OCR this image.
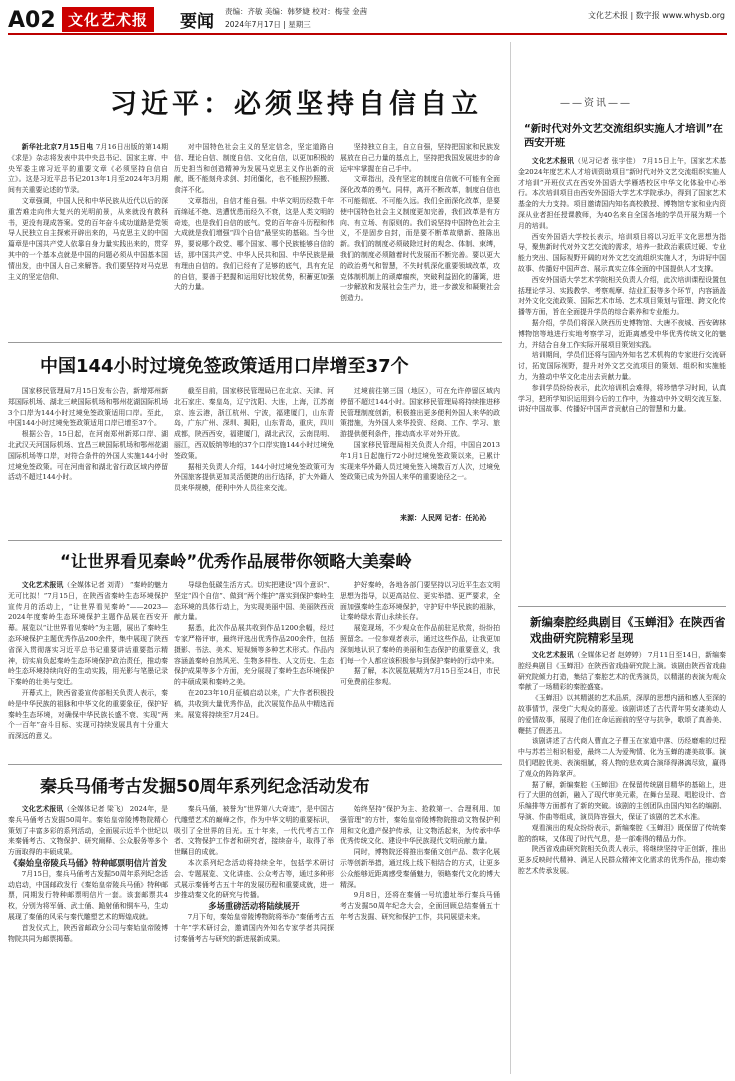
A02 文化艺术报	要闻
责编：齐敏 美编：韩梦婕 校对：梅莹 金茜
2024年7月17日 | 星期三
文化艺术报 | 数字报 www.whysb.org
习近平：必须坚持自信自立

新华社北京7月15日电 7月16日出版的第14期《求是》杂志将发表中共中央总书记、国家主席、中央军委主席习近平的重要文章《必须坚持自信自立》。这是习近平总书记2013年1月至2024年3月期间有关重要论述的节录。

文章强调，中国人民和中华民族从近代以后的深重苦难走向伟大复兴的光明前景，从来就没有教科书，更没有现成答案。党的百年奋斗成功道路是党领导人民独立自主探索开辟出来的，马克思主义的中国篇章是中国共产党人依靠自身力量实践出来的，贯穿其中的一个基本点就是中国的问题必须从中国基本国情出发，由中国人自己来解答。我们要坚持对马克思主义的坚定信仰、

对中国特色社会主义的坚定信念，坚定道路自信、理论自信、制度自信、文化自信，以更加积极的历史担当和创造精神为发展马克思主义作出新的贡献，既不能刻舟求剑、封闭僵化，也不能照抄照搬、食洋不化。

文章指出，自信才能自强。中华文明历经数千年而绵延不绝、迭遭忧患而经久不衰，这是人类文明的奇迹，也是我们自信的底气。党的百年奋斗历程和伟大成就是我们增强“四个自信”最坚实的基础。当今世界，要说哪个政党、哪个国家、哪个民族能够自信的话，那中国共产党、中华人民共和国、中华民族是最有理由自信的。我们已经有了足够的底气，具有充足的自信，要善于把握和运用好比较优势，积蓄更加强大的力量。

坚持独立自主，自立自强，坚持把国家和民族发展放在自己力量的基点上，坚持把我国发展进步的命运牢牢掌握在自己手中。

文章指出，没有坚定的制度自信就不可能有全面深化改革的勇气。同样，离开不断改革，制度自信也不可能彻底、不可能久远。我们全面深化改革，是要使中国特色社会主义制度更加完善，我们改革是有方向、有立场、有原则的。我们说坚持中国特色社会主义，不是固步自封，而是要不断革故鼎新、推陈出新。我们的制度必须破除过时的观念、体制、束缚，我们的制度必须随着时代发展而不断完善。要以更大的政治勇气和智慧，不失时机深化重要领域改革，攻克体制机制上的顽瘴痼疾，突破利益固化的藩篱，进一步解放和发展社会生产力，进一步激发和凝聚社会创造力。

中国144小时过境免签政策适用口岸增至37个

国家移民管理局7月15日发布公告，新增郑州新郑国际机场、湖北三峡国际机场和鄂州花湖国际机场3个口岸为144小时过境免签政策适用口岸。至此，中国144小时过境免签政策适用口岸已增至37个。

根据公告，15日起，在河南郑州新郑口岸、湖北武汉天河国际机场、宜昌三峡国际机场和鄂州花湖国际机场等口岸，对符合条件的外国人实施144小时过境免签政策。可在河南省和湖北省行政区域内停留活动不超过144小时。

截至目前，国家移民管理局已在北京、天津、河北石家庄、秦皇岛，辽宁沈阳、大连，上海，江苏南京、连云港，浙江杭州、宁波，福建厦门，山东青岛，广东广州、深圳、揭阳，山东青岛，重庆，四川成都，陕西西安，福建厦门，湖北武汉，云南昆明、丽江，西双版纳等地的37个口岸实施144小时过境免签政策。

据相关负责人介绍，144小时过境免签政策可为外国旅客提供更加灵活便捷的出行选择，扩大外籍人员来华规模，便利中外人员往来交流。

过境前往第三国（地区），可在允许停留区域内停留不超过144小时。国家移民管理局将持续推进移民管理制度创新，积极推出更多便利外国人来华的政策措施，为外国人来华投资、经商、工作、学习、旅游提供便利条件，推动高水平对外开放。

国家移民管理局相关负责人介绍，中国自2013年1月1日起施行72小时过境免签政策以来，已累计实现来华外籍人员过境免签入境数百万人次，过境免签政策已成为外国人来华的重要途径之一。

来源：人民网 记者：任沁沁
“让世界看见秦岭”优秀作品展带你领略大美秦岭

文化艺术报讯（全媒体记者 刘青） “秦岭的魅力无可比拟！”7月15日，在陕西省秦岭生态环境保护宣传月的活动上，“让世界看见秦岭”——2023—2024年度秦岭生态环境保护主题作品展在西安开幕。展览以“让世界看见秦岭”为主题，展出了秦岭生态环境保护主题优秀作品200余件，集中展现了陕西省深入贯彻落实习近平总书记重要讲话重要指示精神，切实肩负起秦岭生态环境保护政治责任，推动秦岭生态环境持续向好的生动实践，用光影与笔墨记录下秦岭的壮美与变迁。

开幕式上，陕西省委宣传部相关负责人表示，秦岭是中华民族的祖脉和中华文化的重要象征，保护好秦岭生态环境，对确保中华民族长盛不衰、实现“两个一百年”奋斗目标、实现可持续发展具有十分重大而深远的意义。

导绿色低碳生活方式。切实把建设“四个意识”、坚定“四个自信”、做到“两个维护”落实到保护秦岭生态环境的具体行动上，为实现美丽中国、美丽陕西贡献力量。

据悉，此次作品展共收到作品1200余幅，经过专家严格评审，最终评选出优秀作品200余件，包括摄影、书法、美术、短视频等多种艺术形式。作品内容涵盖秦岭自然风光、生物多样性、人文历史、生态保护成果等多个方面，充分展现了秦岭生态环境保护的丰硕成果和秦岭之美。

在2023年10月征稿启动以来，广大作者积极投稿，共收到大量优秀作品，此次展览作品从中精选而来。展览将持续至7月24日。

护好秦岭，各地各部门要坚持以习近平生态文明思想为指导，以更高站位、更实举措、更严要求，全面加强秦岭生态环境保护，守护好中华民族的祖脉，让秦岭绿水青山永续长存。

展览现场，不少观众在作品前驻足欣赏，纷纷拍照留念。一位参观者表示，通过这些作品，让我更加深刻地认识了秦岭的美丽和生态保护的重要意义，我们每一个人都应该积极参与到保护秦岭的行动中来。

据了解，本次展览展期为7月15日至24日，市民可免费前往参观。

秦兵马俑考古发掘50周年系列纪念活动发布

文化艺术报讯（全媒体记者 梁飞） 2024年，是秦兵马俑考古发掘50周年。秦始皇帝陵博物院精心策划了丰富多彩的系列活动，全面展示近半个世纪以来秦俑考古、文物保护、研究阐释、公众服务等多个方面取得的丰硕成果。

《秦始皇帝陵兵马俑》特种邮票明信片首发

7月15日，秦兵马俑考古发掘50周年系列纪念活动启动，中国邮政发行《秦始皇帝陵兵马俑》特种邮票，同期发行特种邮票明信片一套。该套邮票共4枚，分别为将军俑、武士俑、跪射俑和铜车马，生动展现了秦俑的风采与秦代雕塑艺术的辉煌成就。

首发仪式上，陕西省邮政分公司与秦始皇帝陵博物院共同为邮票揭幕。

秦兵马俑，被誉为“世界第八大奇迹”，是中国古代雕塑艺术的巅峰之作，作为中华文明的重要标识，吸引了全世界的目光。五十年来，一代代考古工作者、文物保护工作者和研究者，接续奋斗，取得了举世瞩目的成就。

本次系列纪念活动将持续全年，包括学术研讨会、专题展览、文化讲座、公众考古等，通过多种形式展示秦俑考古五十年的发展历程和重要成就，进一步推动秦文化的研究与传播。

多场重磅活动将陆续展开

7月下旬，秦始皇帝陵博物院将举办“秦俑考古五十年”学术研讨会，邀请国内外知名专家学者共同探讨秦俑考古与研究的新进展新成果。

始终坚持“保护为主、抢救第一、合理利用、加强管理”的方针，秦始皇帝陵博物院推动文物保护利用和文化遗产保护传承，让文物活起来，为传承中华优秀传统文化、建设中华民族现代文明贡献力量。

同时，博物院还将推出秦俑文创产品、数字化展示等创新举措，通过线上线下相结合的方式，让更多公众能够近距离感受秦俑魅力，领略秦代文化的博大精深。

9月8日，还将在秦俑一号坑遗址举行秦兵马俑考古发掘50周年纪念大会，全面回顾总结秦俑五十年考古发掘、研究和保护工作，共同展望未来。

——资讯——
“新时代对外文艺交流组织实施人才培训”在西安开班

文化艺术报讯（见习记者 张宇佳） 7月15日上午，国家艺术基金2024年度艺术人才培训资助项目“新时代对外文艺交流组织实施人才培训”开班仪式在西安外国语大学雁塔校区中华文化体验中心举行。本次培训项目由西安外国语大学艺术学院承办，得到了国家艺术基金的大力支持。项目邀请国内知名高校教授、博物馆专家和业内资深从业者担任授课教师，为40名来自全国各地的学员开展为期一个月的培训。

西安外国语大学校长表示，培训项目将以习近平文化思想为指导，聚焦新时代对外文艺交流的需求，培养一批政治素质过硬、专业能力突出、国际视野开阔的对外文艺交流组织实施人才，为讲好中国故事、传播好中国声音、展示真实立体全面的中国提供人才支撑。

西安外国语大学艺术学院相关负责人介绍，此次培训课程设置包括理论学习、实践教学、考察观摩、结业汇报等多个环节，内容涵盖对外文化交流政策、国际艺术市场、艺术项目策划与管理、跨文化传播等方面，旨在全面提升学员的综合素养和专业能力。

据介绍，学员们将深入陕西历史博物馆、大唐不夜城、西安碑林博物馆等地进行实地考察学习，近距离感受中华优秀传统文化的魅力，并结合自身工作实际开展项目策划实践。

培训期间，学员们还将与国内外知名艺术机构的专家进行交流研讨，拓宽国际视野，提升对外文艺交流项目的策划、组织和实施能力，为推动中华文化走出去贡献力量。

参训学员纷纷表示，此次培训机会难得，将珍惜学习时间，认真学习，把所学知识运用到今后的工作中，为推动中外文明交流互鉴、讲好中国故事、传播好中国声音贡献自己的智慧和力量。

新编秦腔经典剧目《玉蝉泪》在陕西省戏曲研究院精彩呈现

文化艺术报讯（全媒体记者 赵婷婷） 7月11日至14日，新编秦腔经典剧目《玉蝉泪》在陕西省戏曲研究院上演。该剧由陕西省戏曲研究院倾力打造，集结了秦腔艺术的优秀演员，以精湛的表演为观众奉献了一场精彩的秦腔盛宴。

《玉蝉泪》以其精湛的艺术品质，深厚的思想内涵和感人至深的故事情节，深受广大观众的喜爱。该剧讲述了古代青年男女凄美动人的爱情故事，展现了他们在命运面前的坚守与抗争，歌颂了真善美、鞭挞了假恶丑。

该剧讲述了古代商人曹直之子曹玉在家道中落、历经磨难的过程中与苏若兰相识相爱，最终二人为爱殉情、化为玉蝉的凄美故事。演员们唱腔优美、表演细腻，将人物的悲欢离合演绎得淋漓尽致，赢得了观众的阵阵掌声。

据了解，新编秦腔《玉蝉泪》在保留传统剧目精华的基础上，进行了大胆的创新，融入了现代审美元素，在舞台呈现、唱腔设计、音乐编排等方面都有了新的突破。该剧的主创团队由国内知名的编剧、导演、作曲等组成，演员阵容强大，保证了该剧的艺术水准。

观看演出的观众纷纷表示，新编秦腔《玉蝉泪》既保留了传统秦腔的韵味，又体现了时代气息，是一部难得的精品力作。

陕西省戏曲研究院相关负责人表示，将继续坚持守正创新，推出更多反映时代精神、满足人民群众精神文化需求的优秀作品，推动秦腔艺术传承发展。
